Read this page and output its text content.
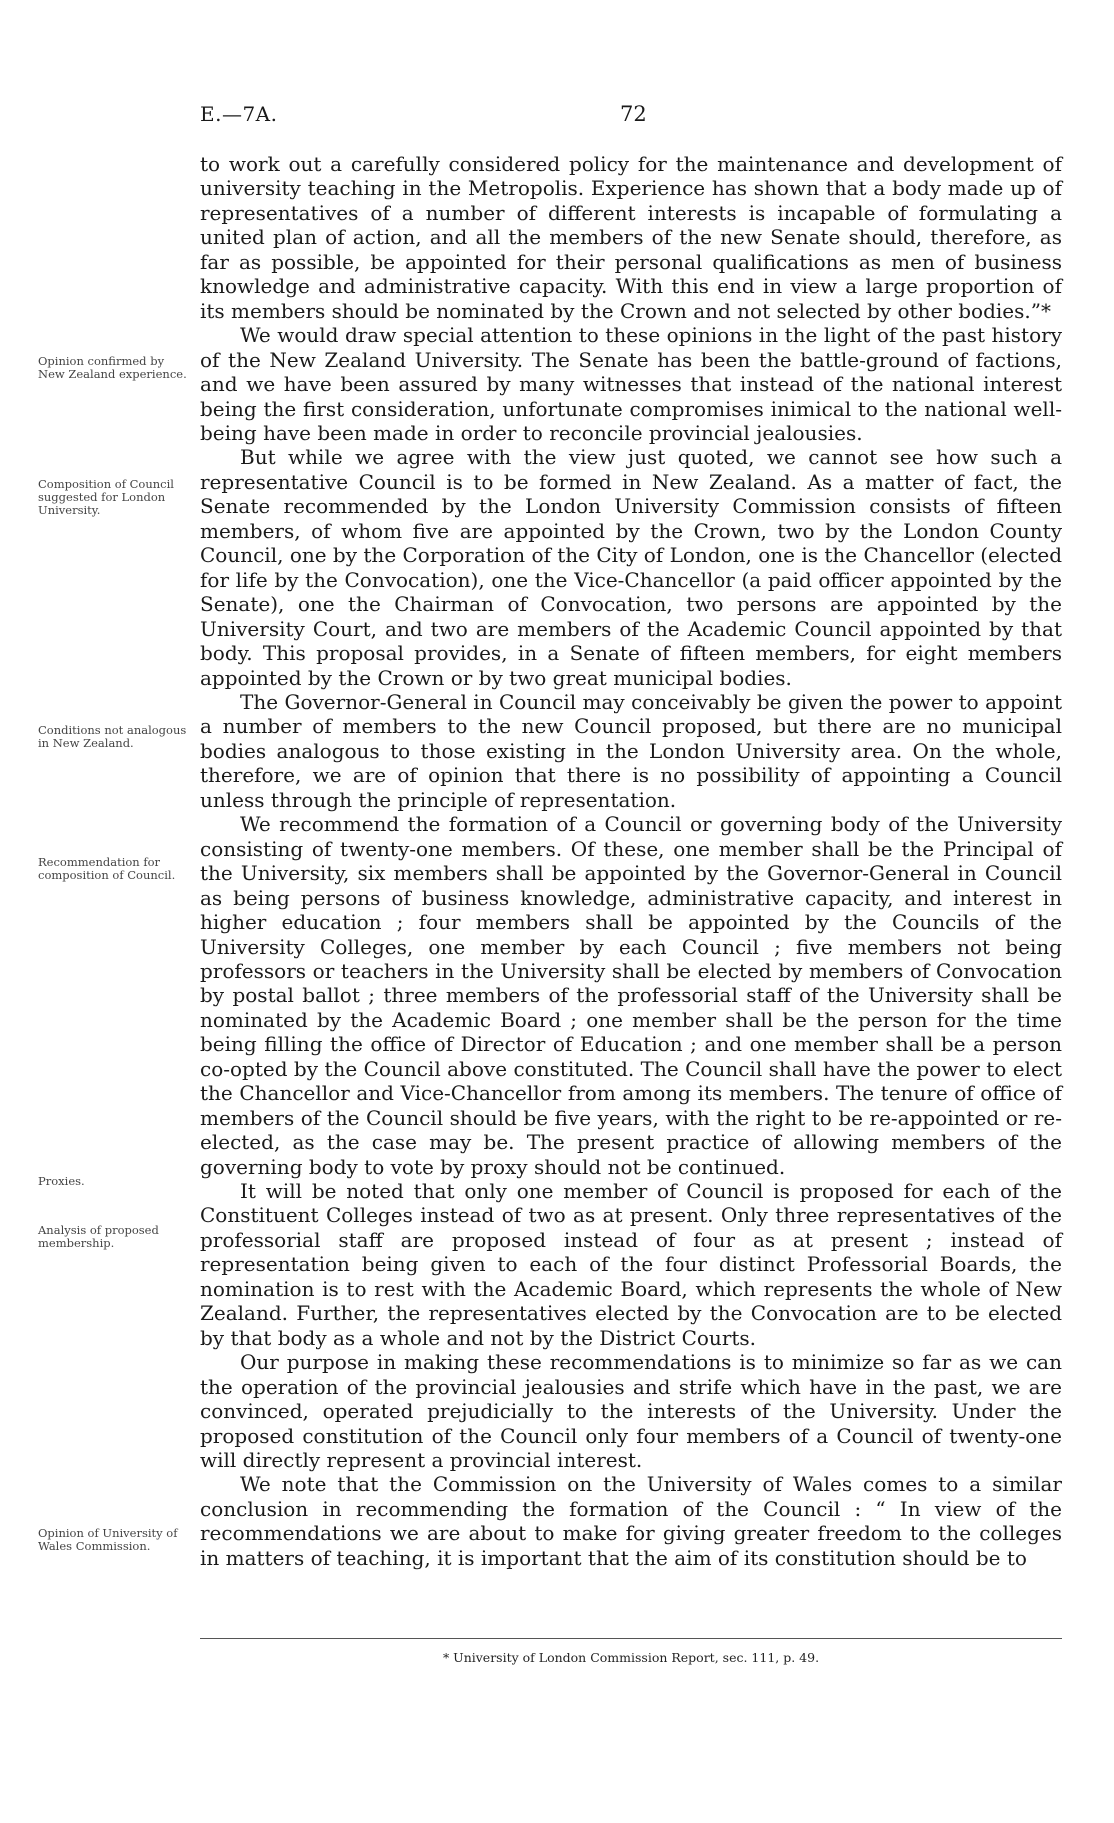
E.—7A.	72
Opinion confirmed by New Zealand experience.
Composition of Council suggested for London University.
Conditions not analogous in New Zealand.
Recommendation for composition of Council.
Proxies.
Analysis of proposed membership.
Opinion of University of Wales Commission.

to work out a carefully considered policy for the maintenance and development of university teaching in the Metropolis. Experience has shown that a body made up of representatives of a number of different interests is incapable of formulating a united plan of action, and all the members of the new Senate should, therefore, as far as possible, be appointed for their personal qualifications as men of business knowledge and administrative capacity. With this end in view a large proportion of its members should be nominated by the Crown and not selected by other bodies.”*

We would draw special attention to these opinions in the light of the past history of the New Zealand University. The Senate has been the battle-ground of factions, and we have been assured by many witnesses that instead of the national interest being the first consideration, unfortunate compromises inimical to the national well-being have been made in order to reconcile provincial jealousies.

But while we agree with the view just quoted, we cannot see how such a representative Council is to be formed in New Zealand. As a matter of fact, the Senate recommended by the London University Commission consists of fifteen members, of whom five are appointed by the Crown, two by the London County Council, one by the Corporation of the City of London, one is the Chancellor (elected for life by the Convocation), one the Vice-Chancellor (a paid officer appointed by the Senate), one the Chairman of Convocation, two persons are appointed by the University Court, and two are members of the Academic Council appointed by that body. This proposal provides, in a Senate of fifteen members, for eight members appointed by the Crown or by two great municipal bodies.

The Governor-General in Council may conceivably be given the power to appoint a number of members to the new Council proposed, but there are no municipal bodies analogous to those existing in the London University area. On the whole, therefore, we are of opinion that there is no possibility of appointing a Council unless through the principle of representation.

We recommend the formation of a Council or governing body of the University consisting of twenty-one members. Of these, one member shall be the Principal of the University, six members shall be appointed by the Governor-General in Council as being persons of business knowledge, administrative capacity, and interest in higher education ; four members shall be appointed by the Councils of the University Colleges, one member by each Council ; five members not being professors or teachers in the University shall be elected by members of Convocation by postal ballot ; three members of the professorial staff of the University shall be nominated by the Academic Board ; one member shall be the person for the time being filling the office of Director of Education ; and one member shall be a person co-opted by the Council above constituted. The Council shall have the power to elect the Chancellor and Vice-Chancellor from among its members. The tenure of office of members of the Council should be five years, with the right to be re-appointed or re-elected, as the case may be. The present practice of allowing members of the governing body to vote by proxy should not be continued.

It will be noted that only one member of Council is proposed for each of the Constituent Colleges instead of two as at present. Only three representatives of the professorial staff are proposed instead of four as at present ; instead of representation being given to each of the four distinct Professorial Boards, the nomination is to rest with the Academic Board, which represents the whole of New Zealand. Further, the representatives elected by the Convocation are to be elected by that body as a whole and not by the District Courts.

Our purpose in making these recommendations is to minimize so far as we can the operation of the provincial jealousies and strife which have in the past, we are convinced, operated prejudicially to the interests of the University. Under the proposed constitution of the Council only four members of a Council of twenty-one will directly represent a provincial interest.

We note that the Commission on the University of Wales comes to a similar conclusion in recommending the formation of the Council : “ In view of the recommendations we are about to make for giving greater freedom to the colleges in matters of teaching, it is important that the aim of its constitution should be to

* University of London Commission Report, sec. 111, p. 49.
